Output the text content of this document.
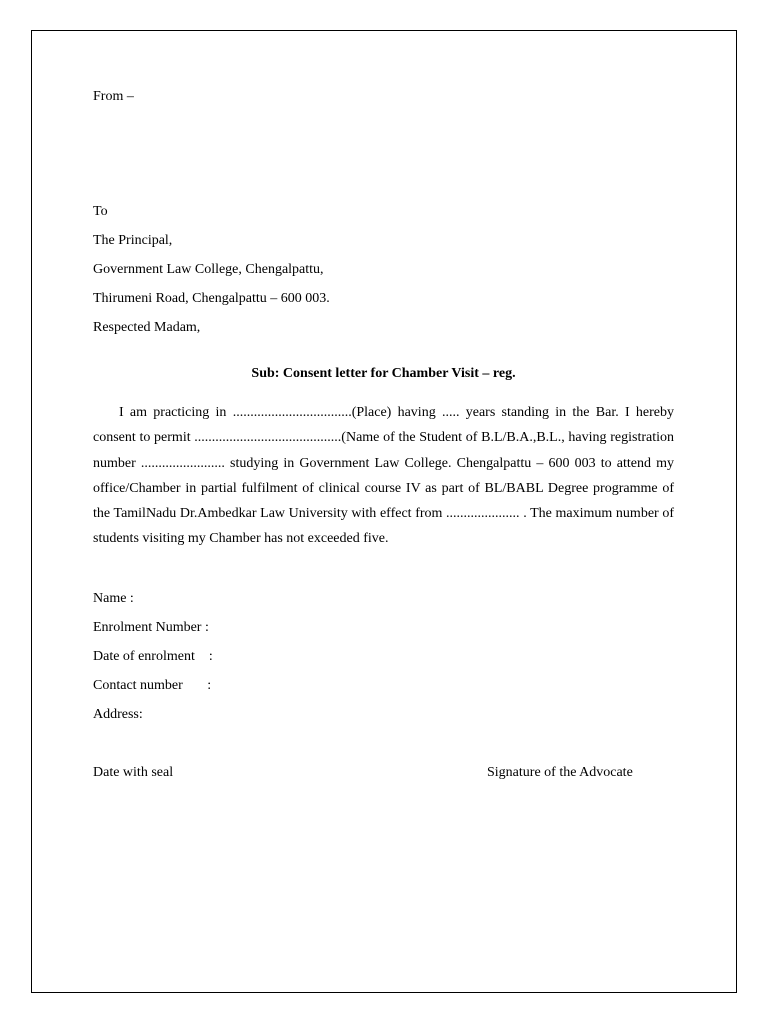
From –
To
The Principal,
Government Law College, Chengalpattu,
Thirumeni Road, Chengalpattu – 600 003.
Respected Madam,
Sub: Consent letter for Chamber Visit – reg.
I am practicing in ..................................(Place) having ..... years standing in the Bar. I hereby consent to permit ..........................................(Name of the Student of B.L/B.A.,B.L., having registration number ........................ studying in Government Law College. Chengalpattu – 600 003 to attend my office/Chamber in partial fulfilment of clinical course IV as part of BL/BABL Degree programme of the TamilNadu Dr.Ambedkar Law University with effect from ..................... . The maximum number of students visiting my Chamber has not exceeded five.
Name :
Enrolment Number :
Date of enrolment    :
Contact number       :
Address:
Date with seal	Signature of the Advocate
